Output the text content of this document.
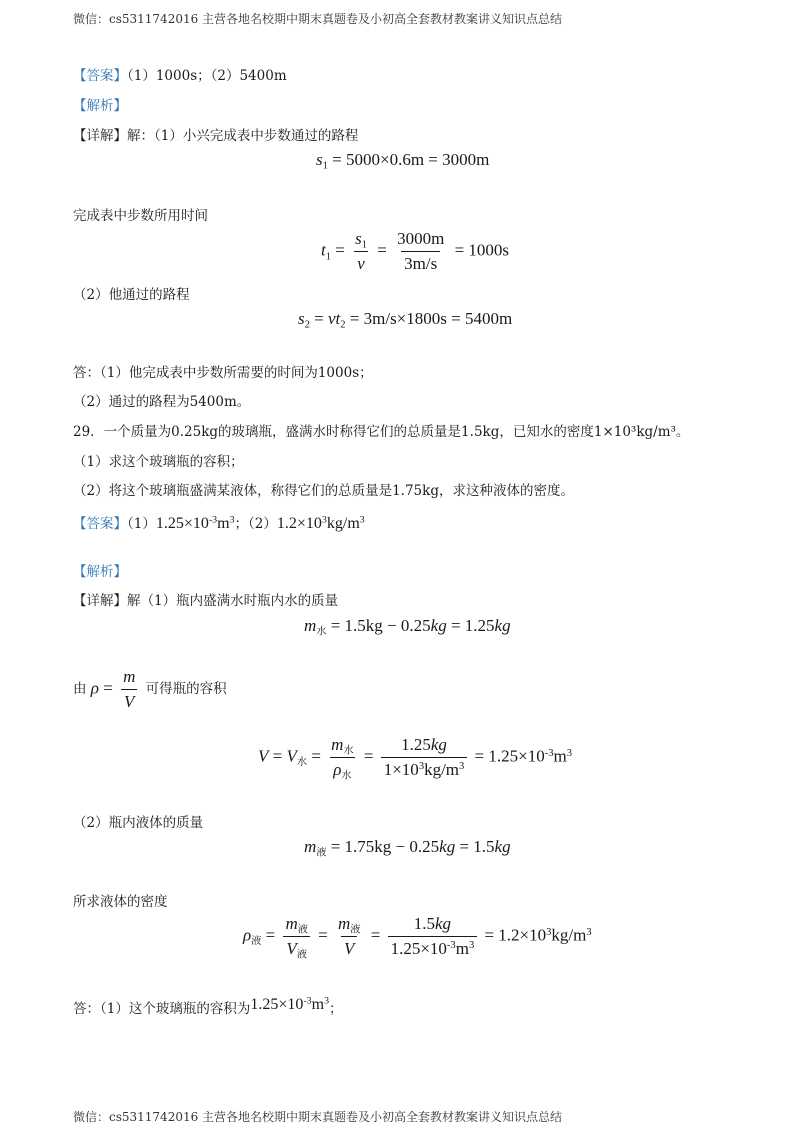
微信：cs5311742016 主营各地名校期中期末真题卷及小初高全套教材教案讲义知识点总结
【答案】（1）1000s；（2）5400m
【解析】
【详解】解：（1）小兴完成表中步数通过的路程
$s_1 = 5000\times 0.6m = 3000m$
完成表中步数所用时间
$t_1 = \frac{s_1}{v} = \frac{3000m}{3m/s} = 1000s$
（2）他通过的路程
$s_2 = vt_2 = 3m/s\times 1800s = 5400m$
答：（1）他完成表中步数所需要的时间为1000s；
（2）通过的路程为5400m。
29．一个质量为0.25kg的玻璃瓶，盛满水时称得它们的总质量是1.5kg，已知水的密度1×10³kg/m³。
（1）求这个玻璃瓶的容积；
（2）将这个玻璃瓶盛满某液体，称得它们的总质量是1.75kg，求这种液体的密度。
【答案】$(1)1.25\times 10^{-3}m^3$；$(2)1.2\times 10^3kg/m^3$
【解析】
【详解】解（1）瓶内盛满水时瓶内水的质量
$m_水 = 1.5kg - 0.25kg = 1.25kg$
由 $\rho = \frac{m}{V}$ 可得瓶的容积
$V = V_水 = \frac{m_水}{\rho_水} = \frac{1.25kg}{1\times 10^3kg/m^3} = 1.25\times 10^{-3}m^3$
（2）瓶内液体的质量
$m_液 = 1.75kg - 0.25kg = 1.5kg$
所求液体的密度
$\rho_液 = \frac{m_液}{V_液} = \frac{m_液}{V} = \frac{1.5kg}{1.25\times 10^{-3}m^3} = 1.2\times 10^3kg/m^3$
答：（1）这个玻璃瓶的容积为$1.25\times 10^{-3}m^3$；
微信：cs5311742016 主营各地名校期中期末真题卷及小初高全套教材教案讲义知识点总结
